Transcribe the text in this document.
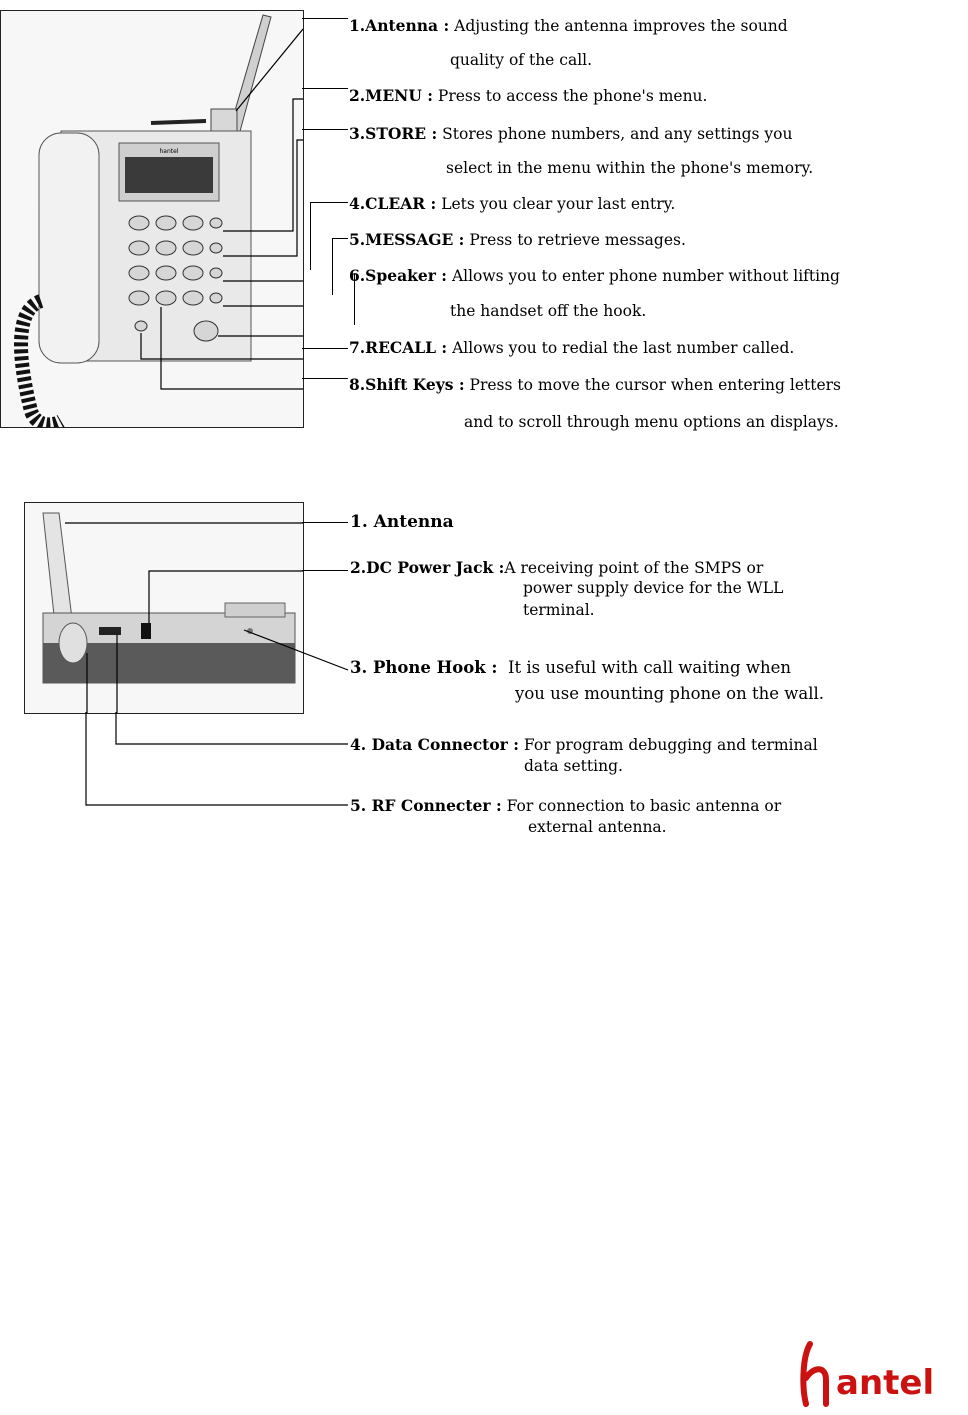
hantel
1.Antenna : Adjusting the antenna improves the sound
quality of the call.
2.MENU : Press to access the phone's menu.
3.STORE : Stores phone numbers, and any settings you
select in the menu within the phone's memory.
4.CLEAR : Lets you clear your last entry.
5.MESSAGE : Press to retrieve messages.
6.Speaker : Allows you to enter phone number without lifting
the handset off the hook.
7.RECALL : Allows you to redial the last number called.
8.Shift Keys : Press to move the cursor when entering letters
and to scroll through menu options an displays.
1. Antenna
2.DC Power Jack :A receiving point of the SMPS or
power supply device for the WLL
terminal.
3. Phone Hook : It is useful with call waiting when
you use mounting phone on the wall.
4. Data Connector : For program debugging and terminal
data setting.
5. RF Connecter : For connection to basic antenna or
external antenna.
antel
